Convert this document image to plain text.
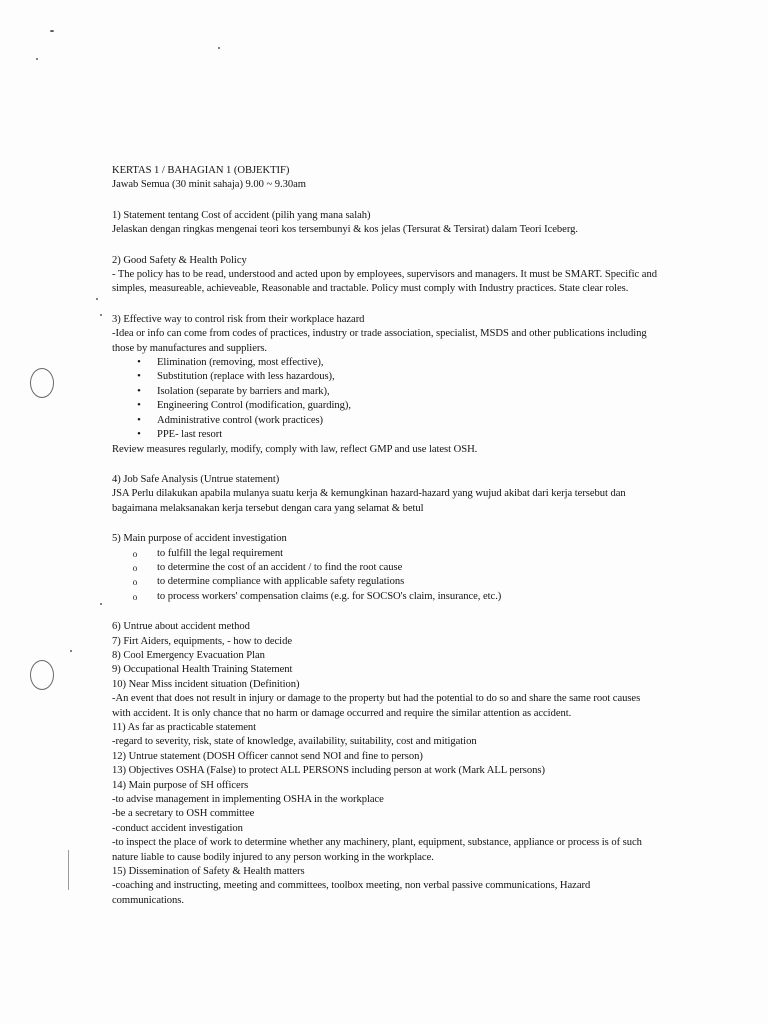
KERTAS 1 / BAHAGIAN 1 (OBJEKTIF)
Jawab Semua (30 minit sahaja) 9.00 ~ 9.30am
1) Statement tentang Cost of accident (pilih yang mana salah)
Jelaskan dengan ringkas mengenai teori kos tersembunyi & kos jelas (Tersurat & Tersirat) dalam Teori Iceberg.
2) Good Safety & Health Policy
- The policy has to be read, understood and acted upon by employees, supervisors and managers. It must be SMART. Specific and simples, measureable, achieveable, Reasonable and tractable. Policy must comply with Industry practices. State clear roles.
3) Effective way to control risk from their workplace hazard
-Idea or info can come from codes of practices, industry or trade association, specialist, MSDS and other publications including those by manufactures and suppliers.
• Elimination (removing, most effective),
• Substitution (replace with less hazardous),
• Isolation (separate by barriers and mark),
• Engineering Control (modification, guarding),
• Administrative control (work practices)
• PPE- last resort
Review measures regularly, modify, comply with law, reflect GMP and use latest OSH.
4) Job Safe Analysis (Untrue statement)
JSA Perlu dilakukan apabila mulanya suatu kerja & kemungkinan hazard-hazard yang wujud akibat dari kerja tersebut dan bagaimana melaksanakan kerja tersebut dengan cara yang selamat & betul
5) Main purpose of accident investigation
o to fulfill the legal requirement
o to determine the cost of an accident / to find the root cause
o to determine compliance with applicable safety regulations
o to process workers' compensation claims (e.g. for SOCSO's claim, insurance, etc.)
6) Untrue about accident method
7) Firt Aiders, equipments, - how to decide
8) Cool Emergency Evacuation Plan
9) Occupational Health Training Statement
10) Near Miss incident situation (Definition)
-An event that does not result in injury or damage to the property but had the potential to do so and share the same root causes with accident. It is only chance that no harm or damage occurred and require the similar attention as accident.
11) As far as practicable statement
-regard to severity, risk, state of knowledge, availability, suitability, cost and mitigation
12) Untrue statement (DOSH Officer cannot send NOI and fine to person)
13) Objectives OSHA (False) to protect ALL PERSONS including person at work (Mark ALL persons)
14) Main purpose of SH officers
-to advise management in implementing OSHA in the workplace
-be a secretary to OSH committee
-conduct accident investigation
-to inspect the place of work to determine whether any machinery, plant, equipment, substance, appliance or process is of such nature liable to cause bodily injured to any person working in the workplace.
15) Dissemination of Safety & Health matters
-coaching and instructing, meeting and committees, toolbox meeting, non verbal passive communications, Hazard communications.
